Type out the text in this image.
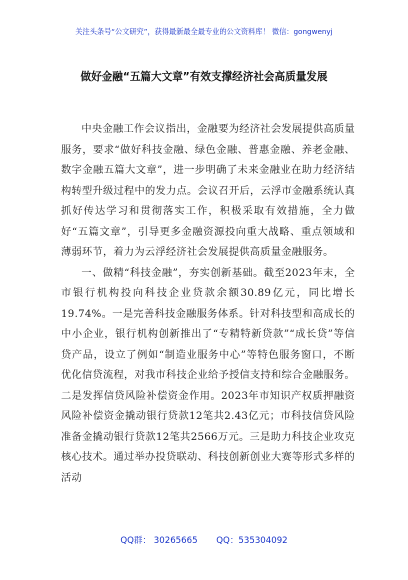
关注头条号“公文研究”，获得最新最全最专业的公文资料库！ 微信：gongwenyj
做好金融“五篇大文章”有效支撑经济社会高质量发展

中央金融工作会议指出，金融要为经济社会发展提供高质量服务，要求“做好科技金融、绿色金融、普惠金融、养老金融、数字金融五篇大文章”，进一步明确了未来金融业在助力经济结构转型升级过程中的发力点。会议召开后，云浮市金融系统认真抓好传达学习和贯彻落实工作，积极采取有效措施，全力做好“五篇文章”，引导更多金融资源投向重大战略、重点领域和薄弱环节，着力为云浮经济社会发展提供高质量金融服务。

一、做精“科技金融”，夯实创新基础。截至2023年末，全市银行机构投向科技企业贷款余额30.89亿元，同比增长19.74%。一是完善科技金融服务体系。针对科技型和高成长的中小企业，银行机构创新推出了“专精特新贷款”“成长贷”等信贷产品，设立了例如“制造业服务中心”等特色服务窗口，不断优化信贷流程，对我市科技企业给予授信支持和综合金融服务。二是发挥信贷风险补偿资金作用。2023年市知识产权质押融资风险补偿资金撬动银行贷款12笔共2.43亿元；市科技信贷风险准备金撬动银行贷款12笔共2566万元。三是助力科技企业攻克核心技术。通过举办投贷联动、科技创新创业大赛等形式多样的活动

QQ群： 30265665 QQ：535304092
